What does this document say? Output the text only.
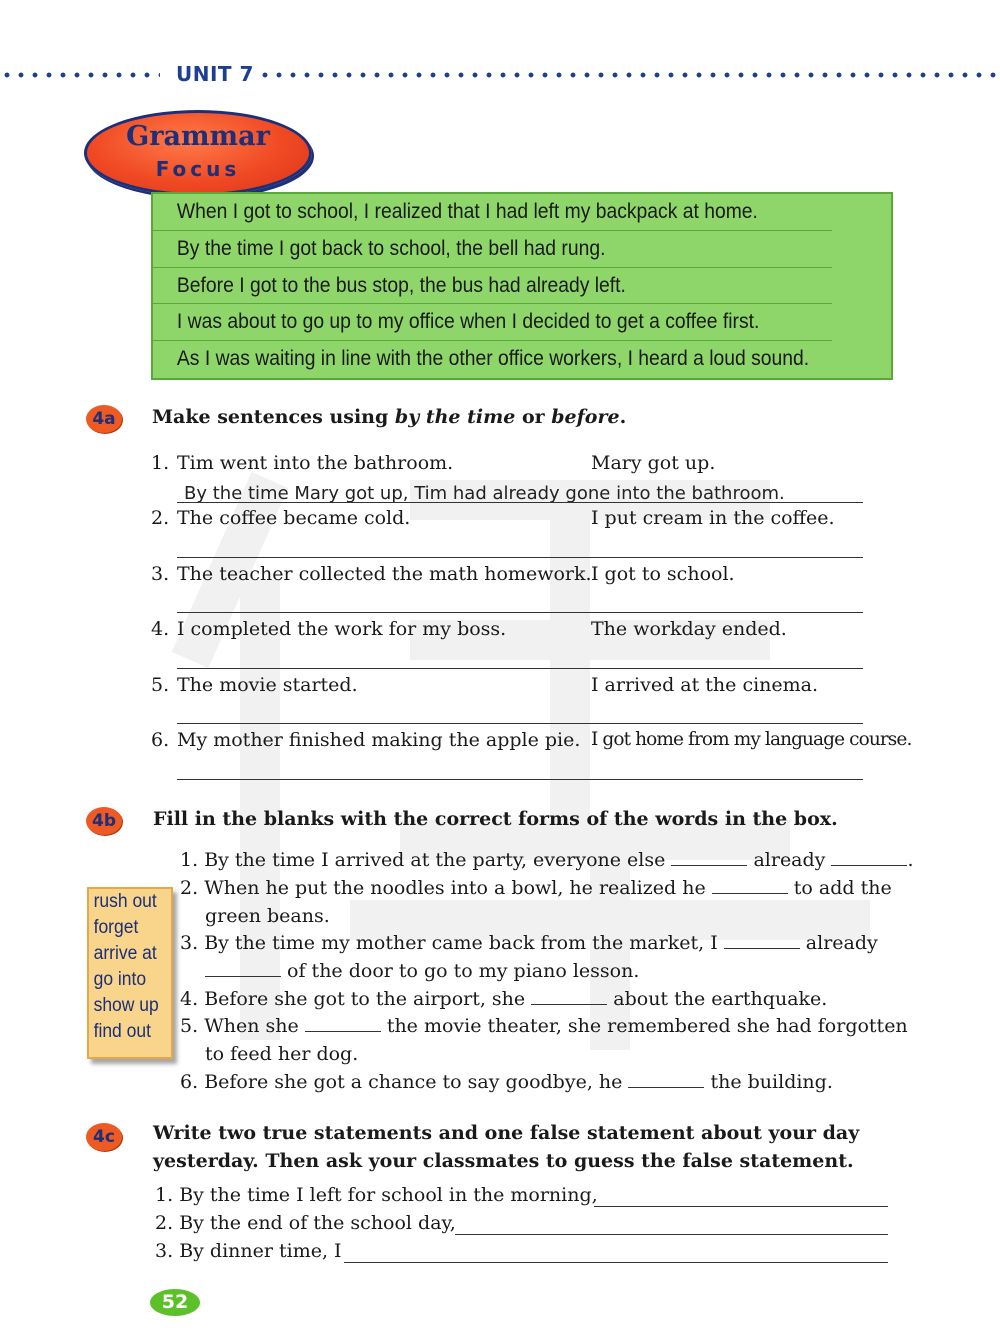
UNIT 7
Grammar
Focus
When I got to school, I realized that I had left my backpack at home.
By the time I got back to school, the bell had rung.
Before I got to the bus stop, the bus had already left.
I was about to go up to my office when I decided to get a coffee first.
As I was waiting in line with the other office workers, I heard a loud sound.
4a	Make sentences using by the time or before.
1. Tim went into the bathroom.	Mary got up.
By the time Mary got up, Tim had already gone into the bathroom.
2. The coffee became cold.	I put cream in the coffee.
3. The teacher collected the math homework. I got to school.
4. I completed the work for my boss.	The workday ended.
5. The movie started.	I arrived at the cinema.
6. My mother finished making the apple pie. I got home from my language course.
4b	Fill in the blanks with the correct forms of the words in the box.
rush out
forget
arrive at
go into
show up
find out
1. By the time I arrived at the party, everyone else	already	.
2. When he put the noodles into a bowl, he realized he	to add the
green beans.
3. By the time my mother came back from the market, I	already
of the door to go to my piano lesson.
4. Before she got to the airport, she	about the earthquake.
5. When she	the movie theater, she remembered she had forgotten
to feed her dog.
6. Before she got a chance to say goodbye, he	the building.
4c	Write two true statements and one false statement about your day
yesterday. Then ask your classmates to guess the false statement.
1. By the time I left for school in the morning,
2. By the end of the school day,
3. By dinner time, I
52
